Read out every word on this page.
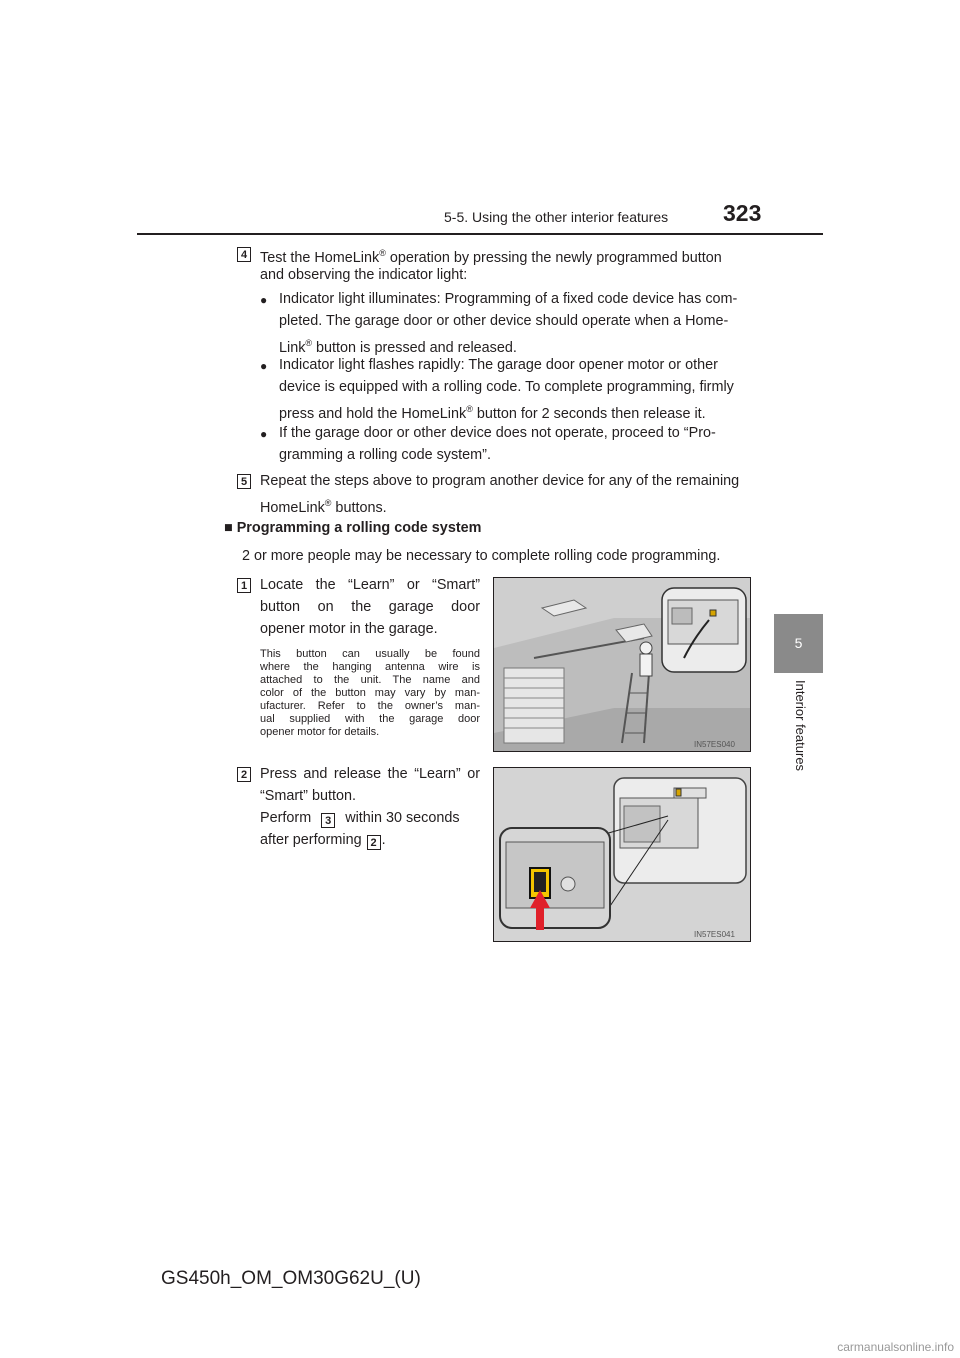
5-5. Using the other interior features 323
5
Interior features
4 Test the HomeLink® operation by pressing the newly programmed button
and observing the indicator light:
● Indicator light illuminates: Programming of a fixed code device has com-
pleted. The garage door or other device should operate when a Home-
Link® button is pressed and released.
● Indicator light flashes rapidly: The garage door opener motor or other
device is equipped with a rolling code. To complete programming, firmly
press and hold the HomeLink® button for 2 seconds then release it.
● If the garage door or other device does not operate, proceed to “Pro-
gramming a rolling code system”.
5 Repeat the steps above to program another device for any of the remaining
HomeLink® buttons.
■ Programming a rolling code system
2 or more people may be necessary to complete rolling code programming.
1 Locate the “Learn” or “Smart”
button on the garage door
opener motor in the garage.
This button can usually be found
where the hanging antenna wire is
attached to the unit. The name and
color of the button may vary by man-
ufacturer. Refer to the owner’s man-
ual supplied with the garage door
opener motor for details.
IN57ES040
2 Press and release the “Learn” or
“Smart” button.
Perform 3 within 30 seconds
after performing 2 .
IN57ES041
GS450h_OM_OM30G62U_(U)
carmanualsonline.info
